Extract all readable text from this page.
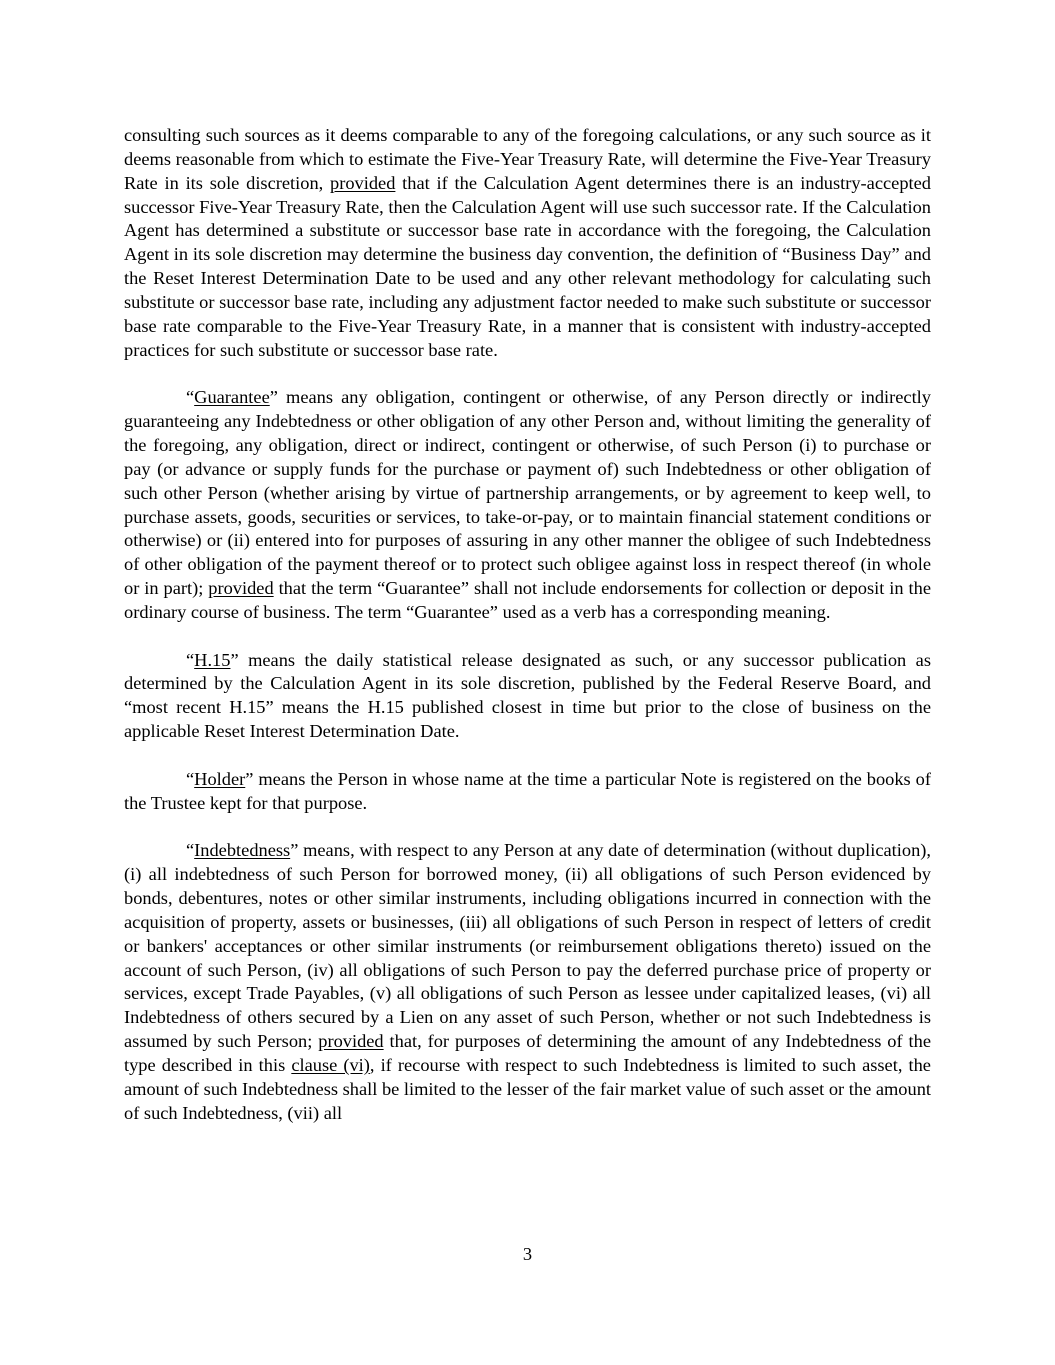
consulting such sources as it deems comparable to any of the foregoing calculations, or any such source as it deems reasonable from which to estimate the Five-Year Treasury Rate, will determine the Five-Year Treasury Rate in its sole discretion, provided that if the Calculation Agent determines there is an industry-accepted successor Five-Year Treasury Rate, then the Calculation Agent will use such successor rate. If the Calculation Agent has determined a substitute or successor base rate in accordance with the foregoing, the Calculation Agent in its sole discretion may determine the business day convention, the definition of “Business Day” and the Reset Interest Determination Date to be used and any other relevant methodology for calculating such substitute or successor base rate, including any adjustment factor needed to make such substitute or successor base rate comparable to the Five-Year Treasury Rate, in a manner that is consistent with industry-accepted practices for such substitute or successor base rate.

“Guarantee” means any obligation, contingent or otherwise, of any Person directly or indirectly guaranteeing any Indebtedness or other obligation of any other Person and, without limiting the generality of the foregoing, any obligation, direct or indirect, contingent or otherwise, of such Person (i) to purchase or pay (or advance or supply funds for the purchase or payment of) such Indebtedness or other obligation of such other Person (whether arising by virtue of partnership arrangements, or by agreement to keep well, to purchase assets, goods, securities or services, to take-or-pay, or to maintain financial statement conditions or otherwise) or (ii) entered into for purposes of assuring in any other manner the obligee of such Indebtedness of other obligation of the payment thereof or to protect such obligee against loss in respect thereof (in whole or in part); provided that the term “Guarantee” shall not include endorsements for collection or deposit in the ordinary course of business. The term “Guarantee” used as a verb has a corresponding meaning.

“H.15” means the daily statistical release designated as such, or any successor publication as determined by the Calculation Agent in its sole discretion, published by the Federal Reserve Board, and “most recent H.15” means the H.15 published closest in time but prior to the close of business on the applicable Reset Interest Determination Date.

“Holder” means the Person in whose name at the time a particular Note is registered on the books of the Trustee kept for that purpose.

“Indebtedness” means, with respect to any Person at any date of determination (without duplication), (i) all indebtedness of such Person for borrowed money, (ii) all obligations of such Person evidenced by bonds, debentures, notes or other similar instruments, including obligations incurred in connection with the acquisition of property, assets or businesses, (iii) all obligations of such Person in respect of letters of credit or bankers' acceptances or other similar instruments (or reimbursement obligations thereto) issued on the account of such Person, (iv) all obligations of such Person to pay the deferred purchase price of property or services, except Trade Payables, (v) all obligations of such Person as lessee under capitalized leases, (vi) all Indebtedness of others secured by a Lien on any asset of such Person, whether or not such Indebtedness is assumed by such Person; provided that, for purposes of determining the amount of any Indebtedness of the type described in this clause (vi), if recourse with respect to such Indebtedness is limited to such asset, the amount of such Indebtedness shall be limited to the lesser of the fair market value of such asset or the amount of such Indebtedness, (vii) all

3
